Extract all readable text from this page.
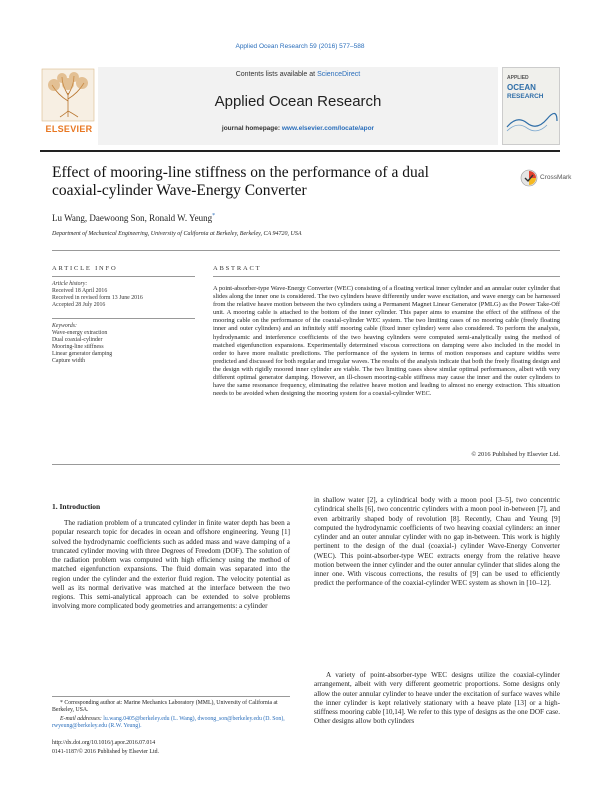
Applied Ocean Research 59 (2016) 577–588
ELSEVIER
Contents lists available at ScienceDirect
Applied Ocean Research
journal homepage: www.elsevier.com/locate/apor
APPLIED
OCEAN
RESEARCH
Effect of mooring-line stiffness on the performance of a dual coaxial-cylinder Wave-Energy Converter
CrossMark
Lu Wang, Daewoong Son, Ronald W. Yeung*
Department of Mechanical Engineering, University of California at Berkeley, Berkeley, CA 94720, USA
ARTICLE INFO	ABSTRACT
Article history:
Received 18 April 2016
Received in revised form 13 June 2016
Accepted 28 July 2016
Keywords:
Wave-energy extraction
Dual coaxial-cylinder
Mooring-line stiffness
Linear generator damping
Capture width
A point-absorber-type Wave-Energy Converter (WEC) consisting of a floating vertical inner cylinder and an annular outer cylinder that slides along the inner one is considered. The two cylinders heave differently under wave excitation, and wave energy can be harnessed from the relative heave motion between the two cylinders using a Permanent Magnet Linear Generator (PMLG) as the Power Take-Off unit. A mooring cable is attached to the bottom of the inner cylinder. This paper aims to examine the effect of the stiffness of the mooring cable on the performance of the coaxial-cylinder WEC system. The two limiting cases of no mooring cable (freely floating inner and outer cylinders) and an infinitely stiff mooring cable (fixed inner cylinder) were also considered. To perform the analysis, hydrodynamic and interference coefficients of the two heaving cylinders were computed semi-analytically using the method of matched eigenfunction expansions. Experimentally determined viscous corrections on damping were also included in the model in order to have more realistic predictions. The performance of the system in terms of motion responses and capture widths were predicted and discussed for both regular and irregular waves. The results of the analysis indicate that both the freely floating design and the design with rigidly moored inner cylinder are viable. The two limiting cases show similar optimal performances, albeit with very different optimal generator damping. However, an ill-chosen mooring-cable stiffness may cause the inner and the outer cylinders to have the same resonance frequency, eliminating the relative heave motion and leading to almost no energy extraction. This situation needs to be avoided when designing the mooring system for a coaxial-cylinder WEC.
© 2016 Published by Elsevier Ltd.
1. Introduction
The radiation problem of a truncated cylinder in finite water depth has been a popular research topic for decades in ocean and offshore engineering. Yeung [1] solved the hydrodynamic coefficients such as added mass and wave damping of a truncated cylinder moving with three Degrees of Freedom (DOF). The solution of the radiation problem was computed with high efficiency using the method of matched eigenfunction expansions. The fluid domain was separated into the region under the cylinder and the exterior fluid region. The velocity potential as well as its normal derivative was matched at the interface between the two regions. This semi-analytical approach can be extended to solve problems involving more complicated body geometries and arrangements: a cylinder
in shallow water [2], a cylindrical body with a moon pool [3–5], two concentric cylindrical shells [6], two concentric cylinders with a moon pool in-between [7], and even arbitrarily shaped body of revolution [8]. Recently, Chau and Yeung [9] computed the hydrodynamic coefficients of two heaving coaxial cylinders: an inner cylinder and an outer annular cylinder with no gap in-between. This work is highly pertinent to the design of the dual (coaxial-) cylinder Wave-Energy Converter (WEC). This point-absorber-type WEC extracts energy from the relative heave motion between the inner cylinder and the outer annular cylinder that slides along the inner one. With viscous corrections, the results of [9] can be used to efficiently predict the performance of the coaxial-cylinder WEC system as shown in [10–12].
A variety of point-absorber-type WEC designs utilize the coaxial-cylinder arrangement, albeit with very different geometric proportions. Some designs only allow the outer annular cylinder to heave under the excitation of surface waves while the inner cylinder is kept relatively stationary with a heave plate [13] or a high-stiffness mooring cable [10,14]. We refer to this type of designs as the one DOF case. Other designs allow both cylinders
* Corresponding author at: Marine Mechanics Laboratory (MML), University of California at Berkeley, USA.
E-mail addresses: lu.wang.0405@berkeley.edu (L. Wang), dwoong_son@berkeley.edu (D. Son), rwyeung@berkeley.edu (R.W. Yeung).
http://dx.doi.org/10.1016/j.apor.2016.07.014
0141-1187/© 2016 Published by Elsevier Ltd.
